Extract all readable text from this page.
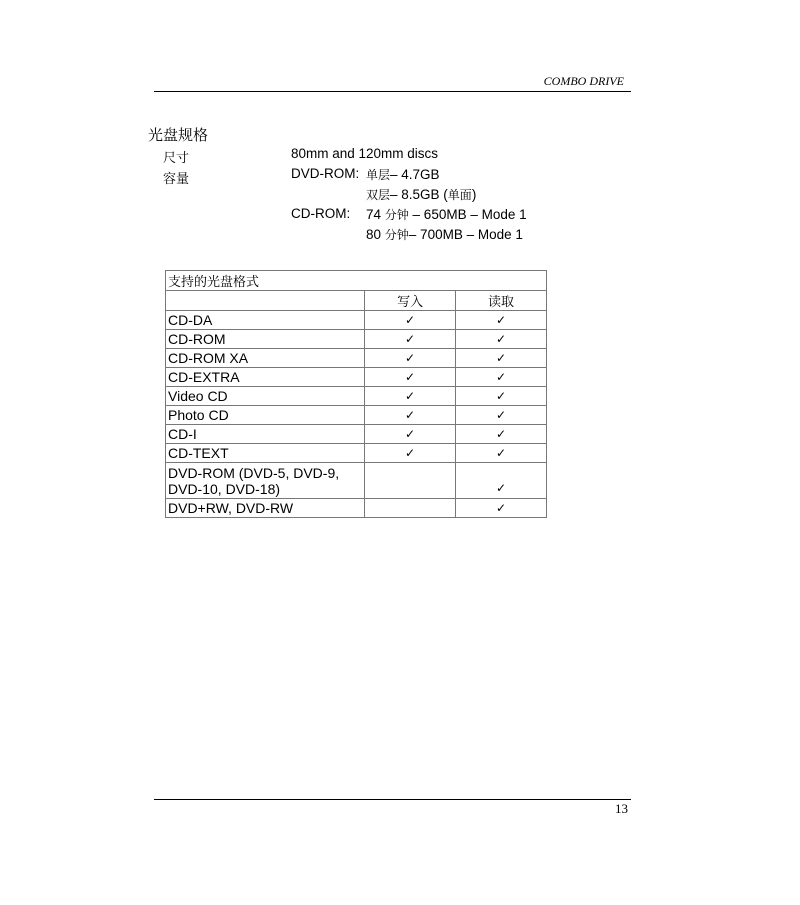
COMBO DRIVE
光盘规格
尺寸	80mm and 120mm discs
容量	DVD-ROM: 单层– 4.7GB
双层– 8.5GB (单面)
CD-ROM: 74 分钟 – 650MB – Mode 1
80 分钟– 700MB – Mode 1
支持的光盘格式		
	写入	读取
CD-DA	✓	✓
CD-ROM	✓	✓
CD-ROM XA	✓	✓
CD-EXTRA	✓	✓
Video CD	✓	✓
Photo CD	✓	✓
CD-I	✓	✓
CD-TEXT	✓	✓
DVD-ROM (DVD-5, DVD-9, DVD-10, DVD-18)		✓
DVD+RW, DVD-RW		✓
13
